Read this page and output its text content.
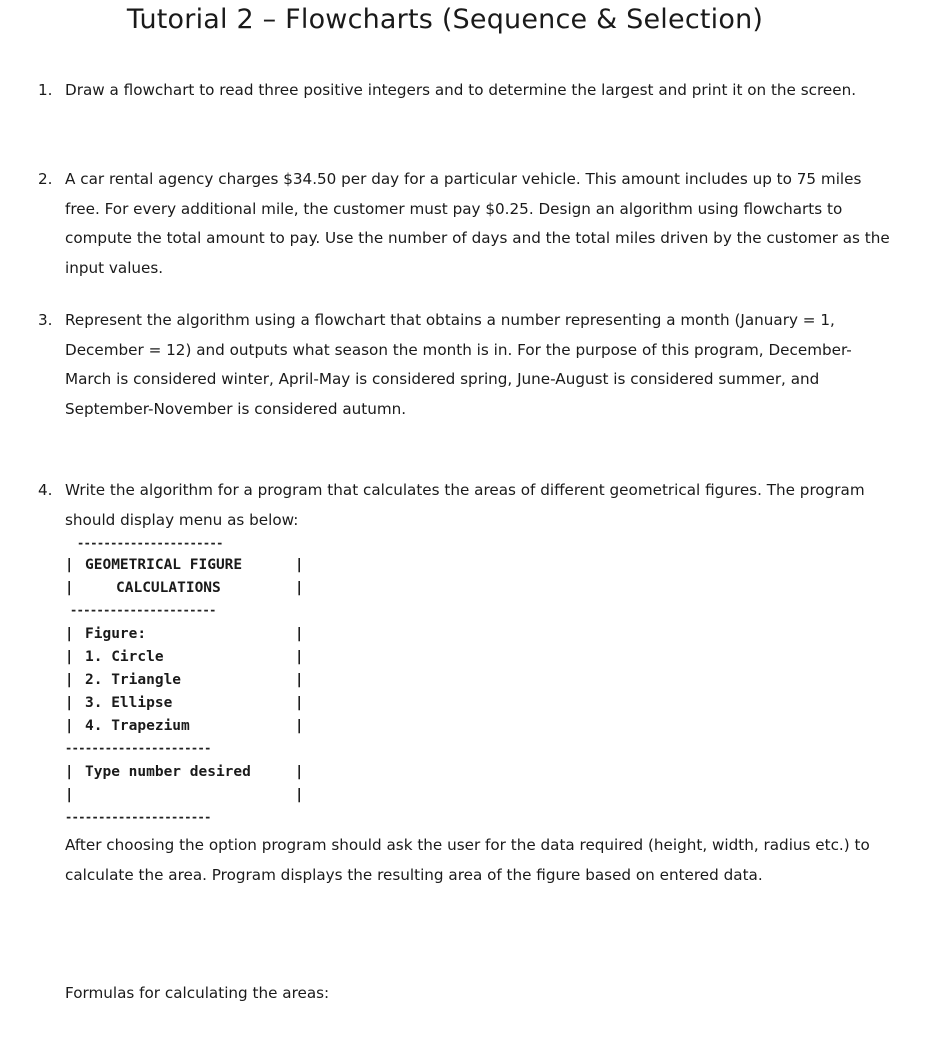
Tutorial 2 – Flowcharts (Sequence & Selection)
1. Draw a flowchart to read three positive integers and to determine the largest and print it on the screen.
2. A car rental agency charges $34.50 per day for a particular vehicle. This amount includes up to 75 miles free. For every additional mile, the customer must pay $0.25. Design an algorithm using flowcharts to compute the total amount to pay. Use the number of days and the total miles driven by the customer as the input values.
3. Represent the algorithm using a flowchart that obtains a number representing a month (January = 1, December = 12) and outputs what season the month is in. For the purpose of this program, December-March is considered winter, April-May is considered spring, June-August is considered summer, and September-November is considered autumn.
4. Write the algorithm for a program that calculates the areas of different geometrical figures. The program should display menu as below:
----------------------
| GEOMETRICAL FIGURE	|
|	CALCULATIONS	|
----------------------
| Figure:	|
| 1. Circle	|
| 2. Triangle	|
| 3. Ellipse	|
| 4. Trapezium	|
----------------------
| Type number desired	|
|	|
----------------------
After choosing the option program should ask the user for the data required (height, width, radius etc.) to calculate the area. Program displays the resulting area of the figure based on entered data.
Formulas for calculating the areas:
